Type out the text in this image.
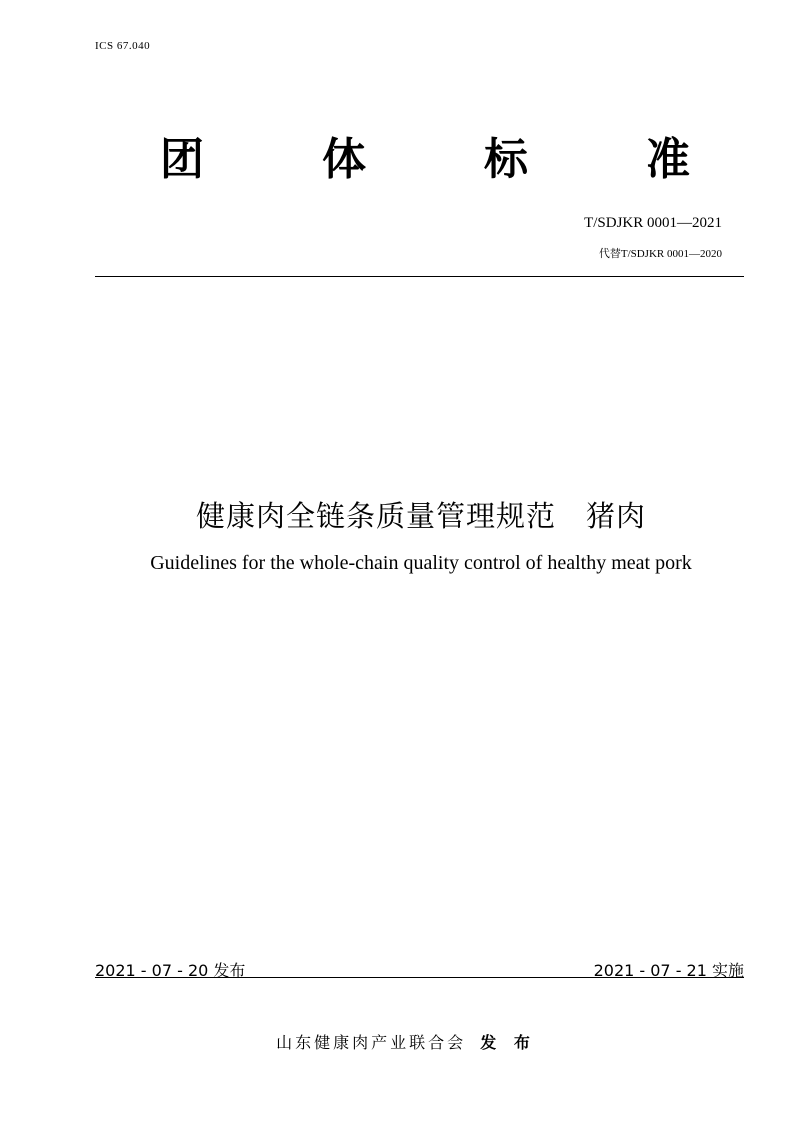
ICS 67.040
团	体	标	准
T/SDJKR 0001—2021
代替T/SDJKR 0001—2020
健康肉全链条质量管理规范　猪肉
Guidelines for the whole-chain quality control of healthy meat pork
2021 - 07 - 20 发布	2021 - 07 - 21 实施
山东健康肉产业联合会 发 布
